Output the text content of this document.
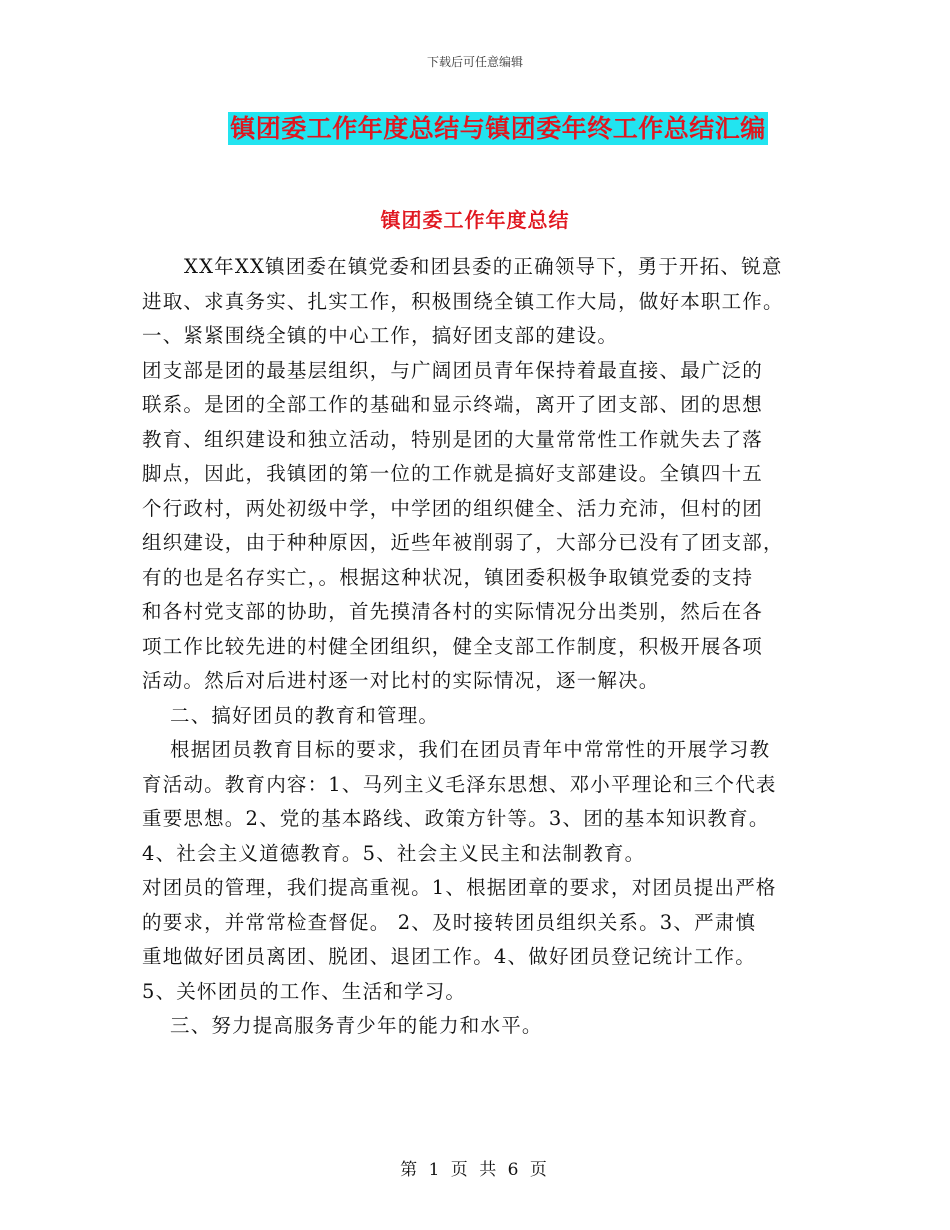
下载后可任意编辑
镇团委工作年度总结与镇团委年终工作总结汇编
镇团委工作年度总结
XX年XX镇团委在镇党委和团县委的正确领导下，勇于开拓、锐意
进取、求真务实、扎实工作，积极围绕全镇工作大局，做好本职工作。
一、紧紧围绕全镇的中心工作，搞好团支部的建设。
团支部是团的最基层组织，与广阔团员青年保持着最直接、最广泛的
联系。是团的全部工作的基础和显示终端，离开了团支部、团的思想
教育、组织建设和独立活动，特别是团的大量常常性工作就失去了落
脚点，因此，我镇团的第一位的工作就是搞好支部建设。全镇四十五
个行政村，两处初级中学，中学团的组织健全、活力充沛，但村的团
组织建设，由于种种原因，近些年被削弱了，大部分已没有了团支部，
有的也是名存实亡，。根据这种状况，镇团委积极争取镇党委的支持
和各村党支部的协助，首先摸清各村的实际情况分出类别，然后在各
项工作比较先进的村健全团组织，健全支部工作制度，积极开展各项
活动。然后对后进村逐一对比村的实际情况，逐一解决。
二、搞好团员的教育和管理。
根据团员教育目标的要求，我们在团员青年中常常性的开展学习教
育活动。教育内容：1、马列主义毛泽东思想、邓小平理论和三个代表
重要思想。2、党的基本路线、政策方针等。3、团的基本知识教育。
4、社会主义道德教育。5、社会主义民主和法制教育。
对团员的管理，我们提高重视。1、根据团章的要求，对团员提出严格
的要求，并常常检查督促。 2、及时接转团员组织关系。3、严肃慎
重地做好团员离团、脱团、退团工作。4、做好团员登记统计工作。
5、关怀团员的工作、生活和学习。
三、努力提高服务青少年的能力和水平。
第 1 页 共 6 页
